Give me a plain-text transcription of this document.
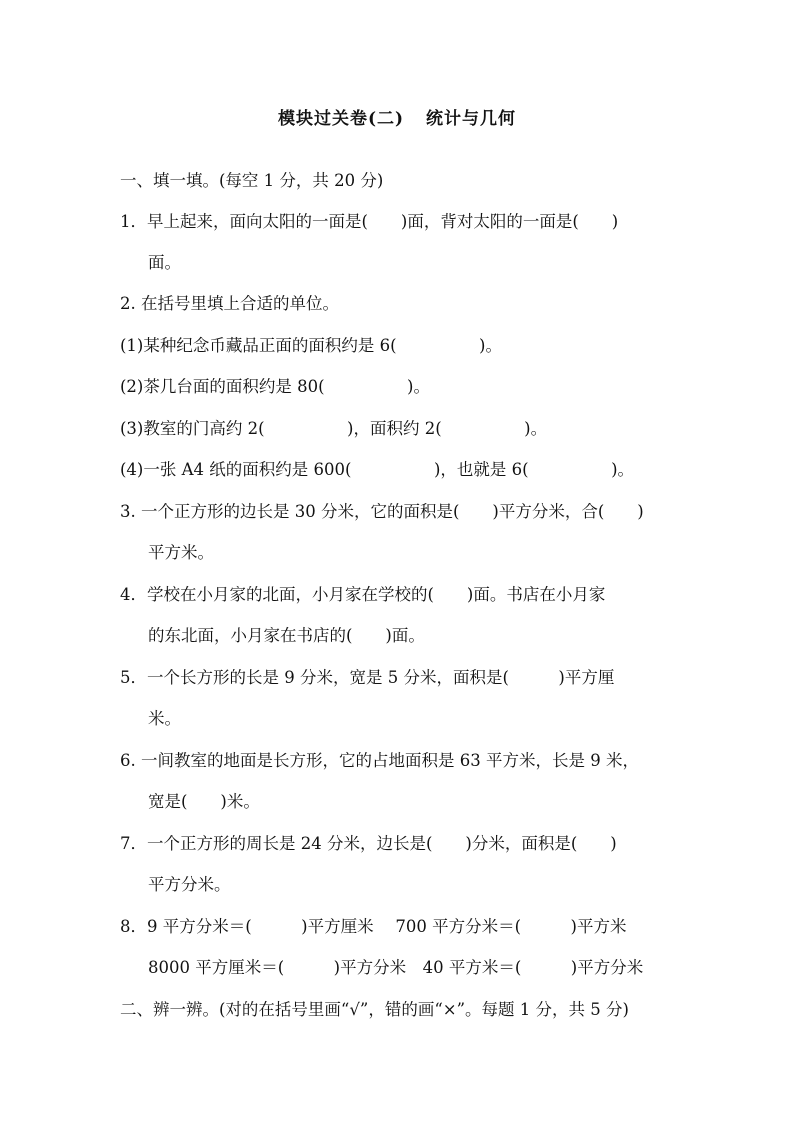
模块过关卷(二) 统计与几何
一、填一填。(每空 1 分，共 20 分)
1．早上起来，面向太阳的一面是(　　)面，背对太阳的一面是(　　)
面。
2. 在括号里填上合适的单位。
(1)某种纪念币藏品正面的面积约是 6(　　　　　)。
(2)茶几台面的面积约是 80(　　　　　)。
(3)教室的门高约 2(　　　　　)，面积约 2(　　　　　)。
(4)一张 A4 纸的面积约是 600(　　　　　)，也就是 6(　　　　　)。
3. 一个正方形的边长是 30 分米，它的面积是(　　)平方分米，合(　　)
平方米。
4．学校在小月家的北面，小月家在学校的(　　)面。书店在小月家
的东北面，小月家在书店的(　　)面。
5．一个长方形的长是 9 分米，宽是 5 分米，面积是(　　　)平方厘
米。
6. 一间教室的地面是长方形，它的占地面积是 63 平方米，长是 9 米，
宽是(　　)米。
7．一个正方形的周长是 24 分米，边长是(　　)分米，面积是(　　)
平方分米。
8．9 平方分米＝(　　　)平方厘米　 700 平方分米＝(　　　)平方米
8000 平方厘米＝(　　　)平方分米　40 平方米＝(　　　)平方分米
二、辨一辨。(对的在括号里画“√”，错的画“×”。每题 1 分，共 5 分)
